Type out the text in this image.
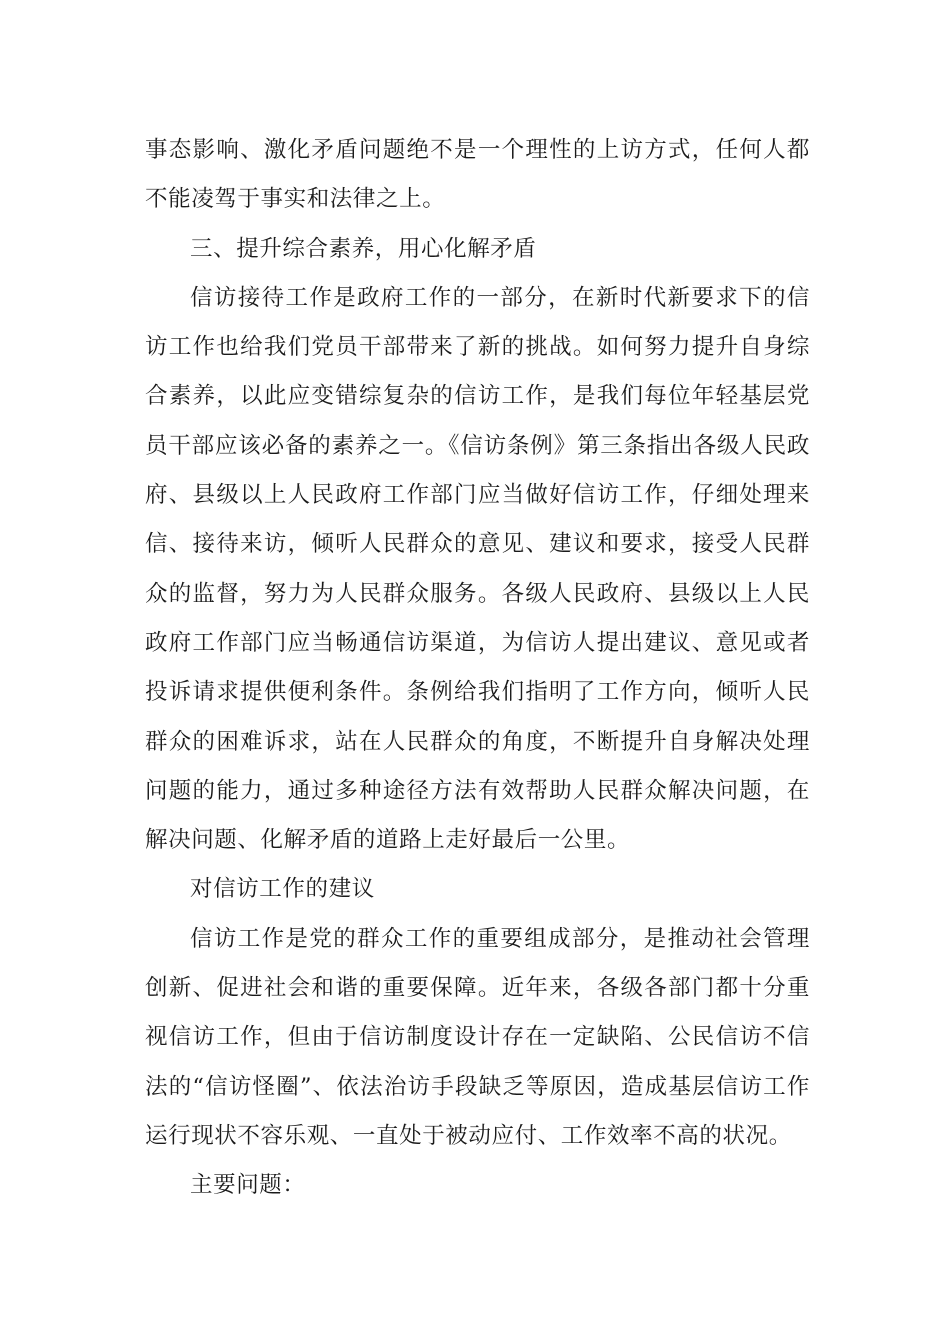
事态影响、激化矛盾问题绝不是一个理性的上访方式，任何人都不能凌驾于事实和法律之上。

三、提升综合素养，用心化解矛盾

信访接待工作是政府工作的一部分，在新时代新要求下的信访工作也给我们党员干部带来了新的挑战。如何努力提升自身综合素养，以此应变错综复杂的信访工作，是我们每位年轻基层党员干部应该必备的素养之一。《信访条例》第三条指出各级人民政府、县级以上人民政府工作部门应当做好信访工作，仔细处理来信、接待来访，倾听人民群众的意见、建议和要求，接受人民群众的监督，努力为人民群众服务。各级人民政府、县级以上人民政府工作部门应当畅通信访渠道，为信访人提出建议、意见或者投诉请求提供便利条件。条例给我们指明了工作方向，倾听人民群众的困难诉求，站在人民群众的角度，不断提升自身解决处理问题的能力，通过多种途径方法有效帮助人民群众解决问题，在解决问题、化解矛盾的道路上走好最后一公里。

对信访工作的建议

信访工作是党的群众工作的重要组成部分，是推动社会管理创新、促进社会和谐的重要保障。近年来，各级各部门都十分重视信访工作，但由于信访制度设计存在一定缺陷、公民信访不信法的“信访怪圈”、依法治访手段缺乏等原因，造成基层信访工作运行现状不容乐观、一直处于被动应付、工作效率不高的状况。

主要问题：
